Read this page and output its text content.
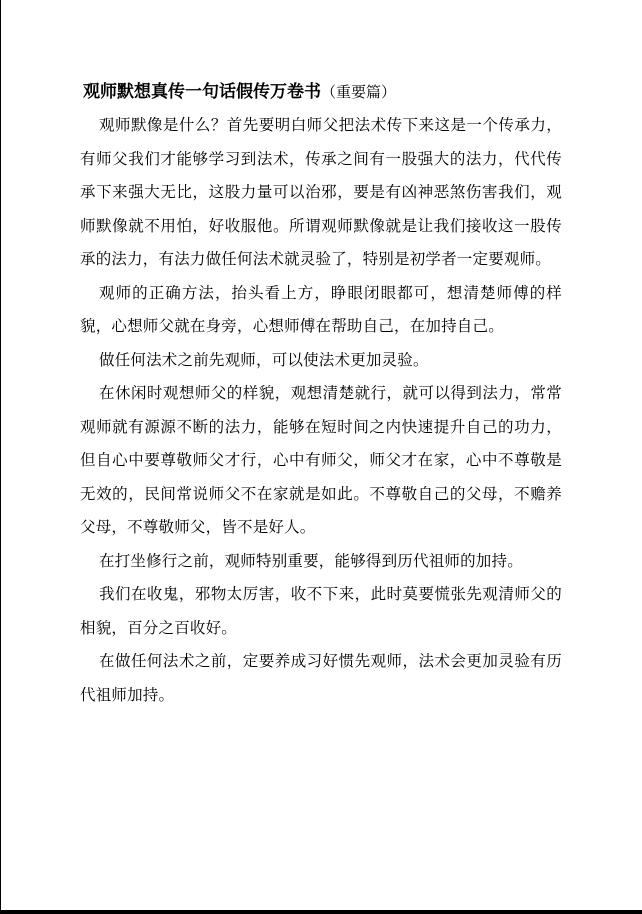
观师默想真传一句话假传万卷书（重要篇）

观师默像是什么？首先要明白师父把法术传下来这是一个传承力，有师父我们才能够学习到法术，传承之间有一股强大的法力，代代传承下来强大无比，这股力量可以治邪，要是有凶神恶煞伤害我们，观师默像就不用怕，好收服他。所谓观师默像就是让我们接收这一股传承的法力，有法力做任何法术就灵验了，特别是初学者一定要观师。

观师的正确方法，抬头看上方，睁眼闭眼都可，想清楚师傅的样貌，心想师父就在身旁，心想师傅在帮助自己，在加持自己。

做任何法术之前先观师，可以使法术更加灵验。

在休闲时观想师父的样貌，观想清楚就行，就可以得到法力，常常观师就有源源不断的法力，能够在短时间之内快速提升自己的功力，但自心中要尊敬师父才行，心中有师父，师父才在家，心中不尊敬是无效的，民间常说师父不在家就是如此。不尊敬自己的父母，不赡养父母，不尊敬师父，皆不是好人。

在打坐修行之前，观师特别重要，能够得到历代祖师的加持。

我们在收鬼，邪物太厉害，收不下来，此时莫要慌张先观清师父的相貌，百分之百收好。

在做任何法术之前，定要养成习好惯先观师，法术会更加灵验有历代祖师加持。
